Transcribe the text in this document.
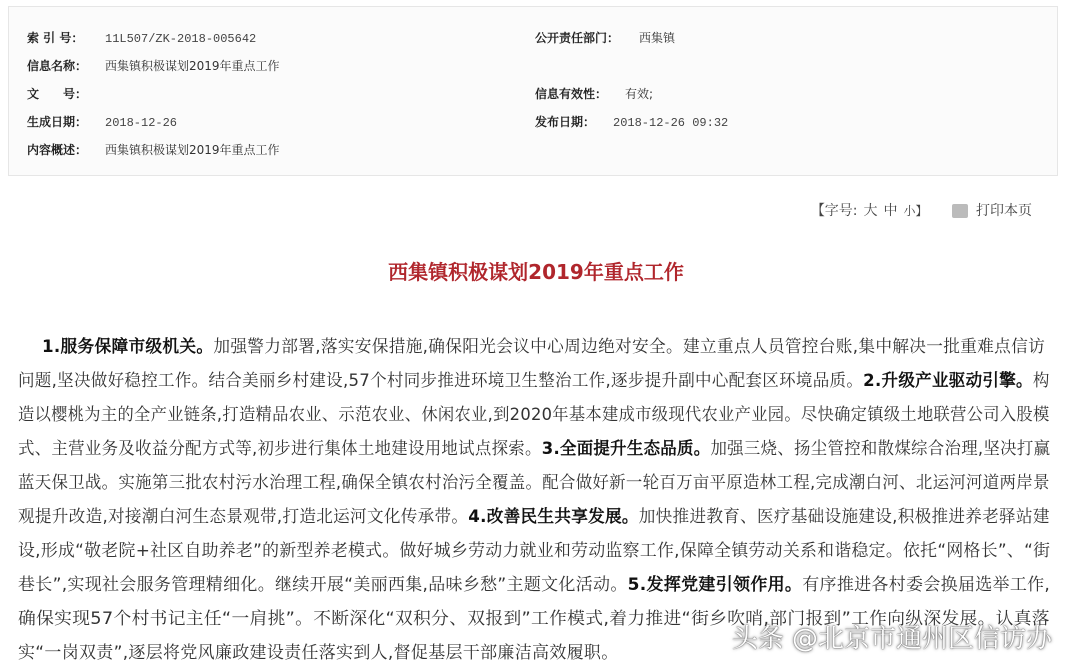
索 引 号： 11L507/ZK-2018-005642	公开责任部门： 西集镇
信息名称： 西集镇积极谋划2019年重点工作
文　　号：	信息有效性： 有效;
生成日期： 2018-12-26	发布日期： 2018-12-26 09:32
内容概述： 西集镇积极谋划2019年重点工作
【字号: 大 中 小】	打印本页
西集镇积极谋划2019年重点工作
1.服务保障市级机关。加强警力部署,落实安保措施,确保阳光会议中心周边绝对安全。建立重点人员管控台账,集中解决一批重难点信访
问题,坚决做好稳控工作。结合美丽乡村建设,57个村同步推进环境卫生整治工作,逐步提升副中心配套区环境品质。2.升级产业驱动引擎。构
造以樱桃为主的全产业链条,打造精品农业、示范农业、休闲农业,到2020年基本建成市级现代农业产业园。尽快确定镇级土地联营公司入股模
式、主营业务及收益分配方式等,初步进行集体土地建设用地试点探索。3.全面提升生态品质。加强三烧、扬尘管控和散煤综合治理,坚决打赢
蓝天保卫战。实施第三批农村污水治理工程,确保全镇农村治污全覆盖。配合做好新一轮百万亩平原造林工程,完成潮白河、北运河河道两岸景
观提升改造,对接潮白河生态景观带,打造北运河文化传承带。4.改善民生共享发展。加快推进教育、医疗基础设施建设,积极推进养老驿站建
设,形成“敬老院+社区自助养老”的新型养老模式。做好城乡劳动力就业和劳动监察工作,保障全镇劳动关系和谐稳定。依托“网格长”、“街
巷长”,实现社会服务管理精细化。继续开展“美丽西集,品味乡愁”主题文化活动。5.发挥党建引领作用。有序推进各村委会换届选举工作,
确保实现57个村书记主任“一肩挑”。不断深化“双积分、双报到”工作模式,着力推进“街乡吹哨,部门报到”工作向纵深发展。认真落
实“一岗双责”,逐层将党风廉政建设责任落实到人,督促基层干部廉洁高效履职。	头条 @北京市通州区信访办
